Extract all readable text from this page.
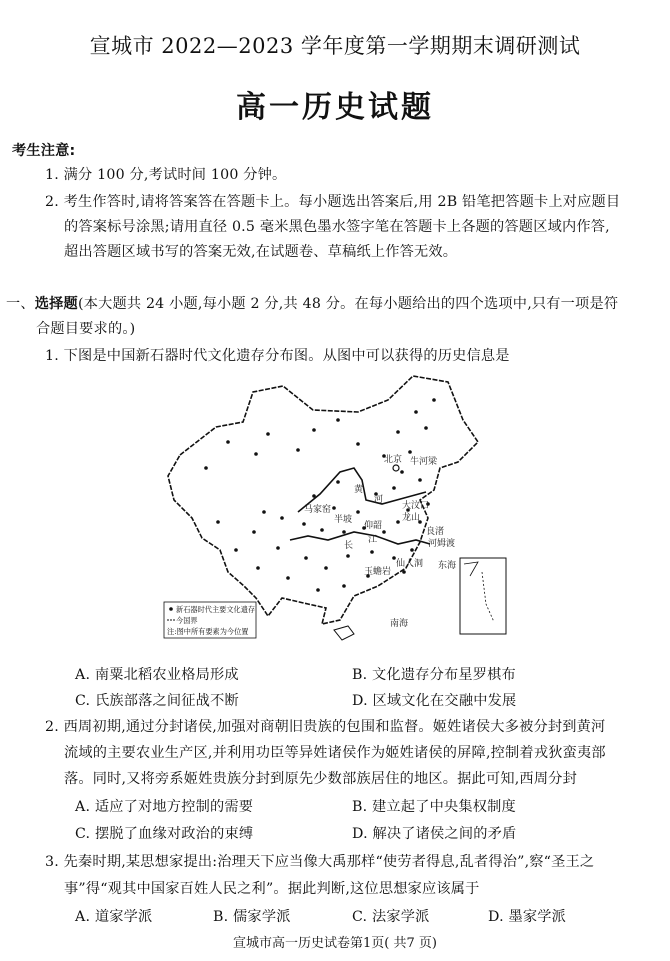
宣城市 2022—2023 学年度第一学期期末调研测试
高一历史试题
考生注意:
1. 满分 100 分,考试时间 100 分钟。
2. 考生作答时,请将答案答在答题卡上。每小题选出答案后,用 2B 铅笔把答题卡上对应题目
的答案标号涂黑;请用直径 0.5 毫米黑色墨水签字笔在答题卡上各题的答题区域内作答,
超出答题区域书写的答案无效,在试题卷、草稿纸上作答无效。
一、选择题(本大题共 24 小题,每小题 2 分,共 48 分。在每小题给出的四个选项中,只有一项是符
合题目要求的。)
1. 下图是中国新石器时代文化遗存分布图。从图中可以获得的历史信息是
新石器时代主要文化遗存
今国界
注:图中所有要素为今位置
北京 牛河梁
大汶口
龙山
半坡
仰韶
马家窑
河姆渡
良渚
玉蟾岩
仙人洞 东海
南海
长
江
黄
河
A. 南粟北稻农业格局形成	B. 文化遗存分布星罗棋布
C. 氏族部落之间征战不断	D. 区域文化在交融中发展
2. 西周初期,通过分封诸侯,加强对商朝旧贵族的包围和监督。姬姓诸侯大多被分封到黄河
流域的主要农业生产区,并利用功臣等异姓诸侯作为姬姓诸侯的屏障,控制着戎狄蛮夷部
落。同时,又将旁系姬姓贵族分封到原先少数部族居住的地区。据此可知,西周分封
A. 适应了对地方控制的需要	B. 建立起了中央集权制度
C. 摆脱了血缘对政治的束缚	D. 解决了诸侯之间的矛盾
3. 先秦时期,某思想家提出:治理天下应当像大禹那样“使劳者得息,乱者得治”,察“圣王之
事”得“观其中国家百姓人民之利”。据此判断,这位思想家应该属于
A. 道家学派	B. 儒家学派	C. 法家学派	D. 墨家学派
宣城市高一历史试卷第1页( 共7 页)
